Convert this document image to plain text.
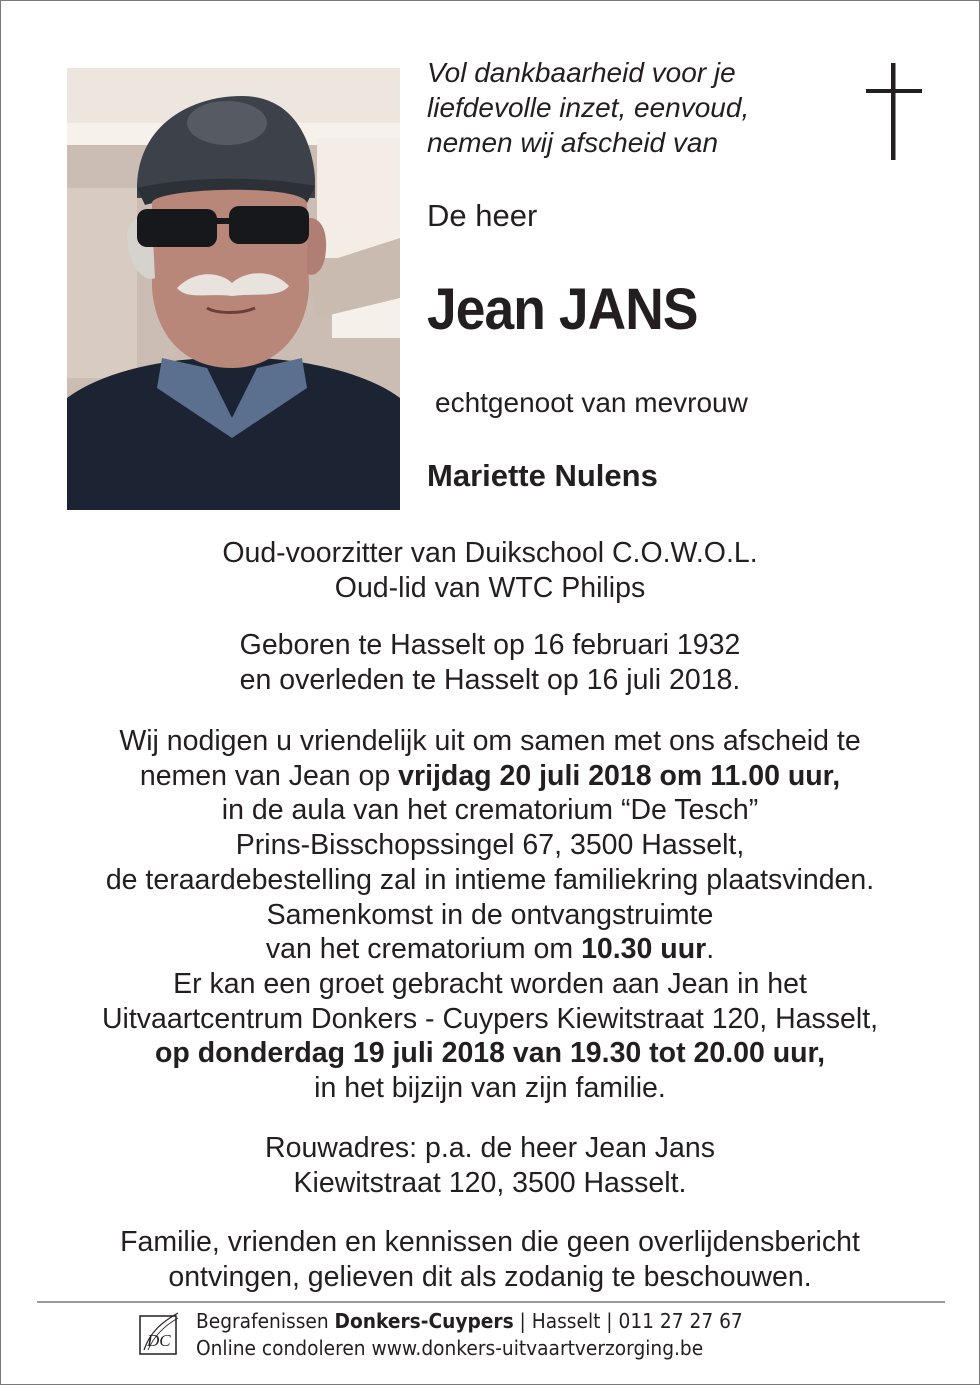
Vol dankbaarheid voor je
liefdevolle inzet, eenvoud,
nemen wij afscheid van
De heer
Jean JANS
echtgenoot van mevrouw
Mariette Nulens

Oud-voorzitter van Duikschool C.O.W.O.L.

Oud-lid van WTC Philips

Geboren te Hasselt op 16 februari 1932

en overleden te Hasselt op 16 juli 2018.

Wij nodigen u vriendelijk uit om samen met ons afscheid te

nemen van Jean op vrijdag 20 juli 2018 om 11.00 uur,

in de aula van het crematorium “De Tesch”

Prins-Bisschopssingel 67, 3500 Hasselt,

de teraardebestelling zal in intieme familiekring plaatsvinden.

Samenkomst in de ontvangstruimte

van het crematorium om 10.30 uur.

Er kan een groet gebracht worden aan Jean in het

Uitvaartcentrum Donkers - Cuypers Kiewitstraat 120, Hasselt,

op donderdag 19 juli 2018 van 19.30 tot 20.00 uur,

in het bijzijn van zijn familie.

Rouwadres: p.a. de heer Jean Jans

Kiewitstraat 120, 3500 Hasselt.

Familie, vrienden en kennissen die geen overlijdensbericht

ontvingen, gelieven dit als zodanig te beschouwen.

DC
Begrafenissen Donkers-Cuypers | Hasselt | 011 27 27 67
Online condoleren www.donkers-uitvaartverzorging.be
